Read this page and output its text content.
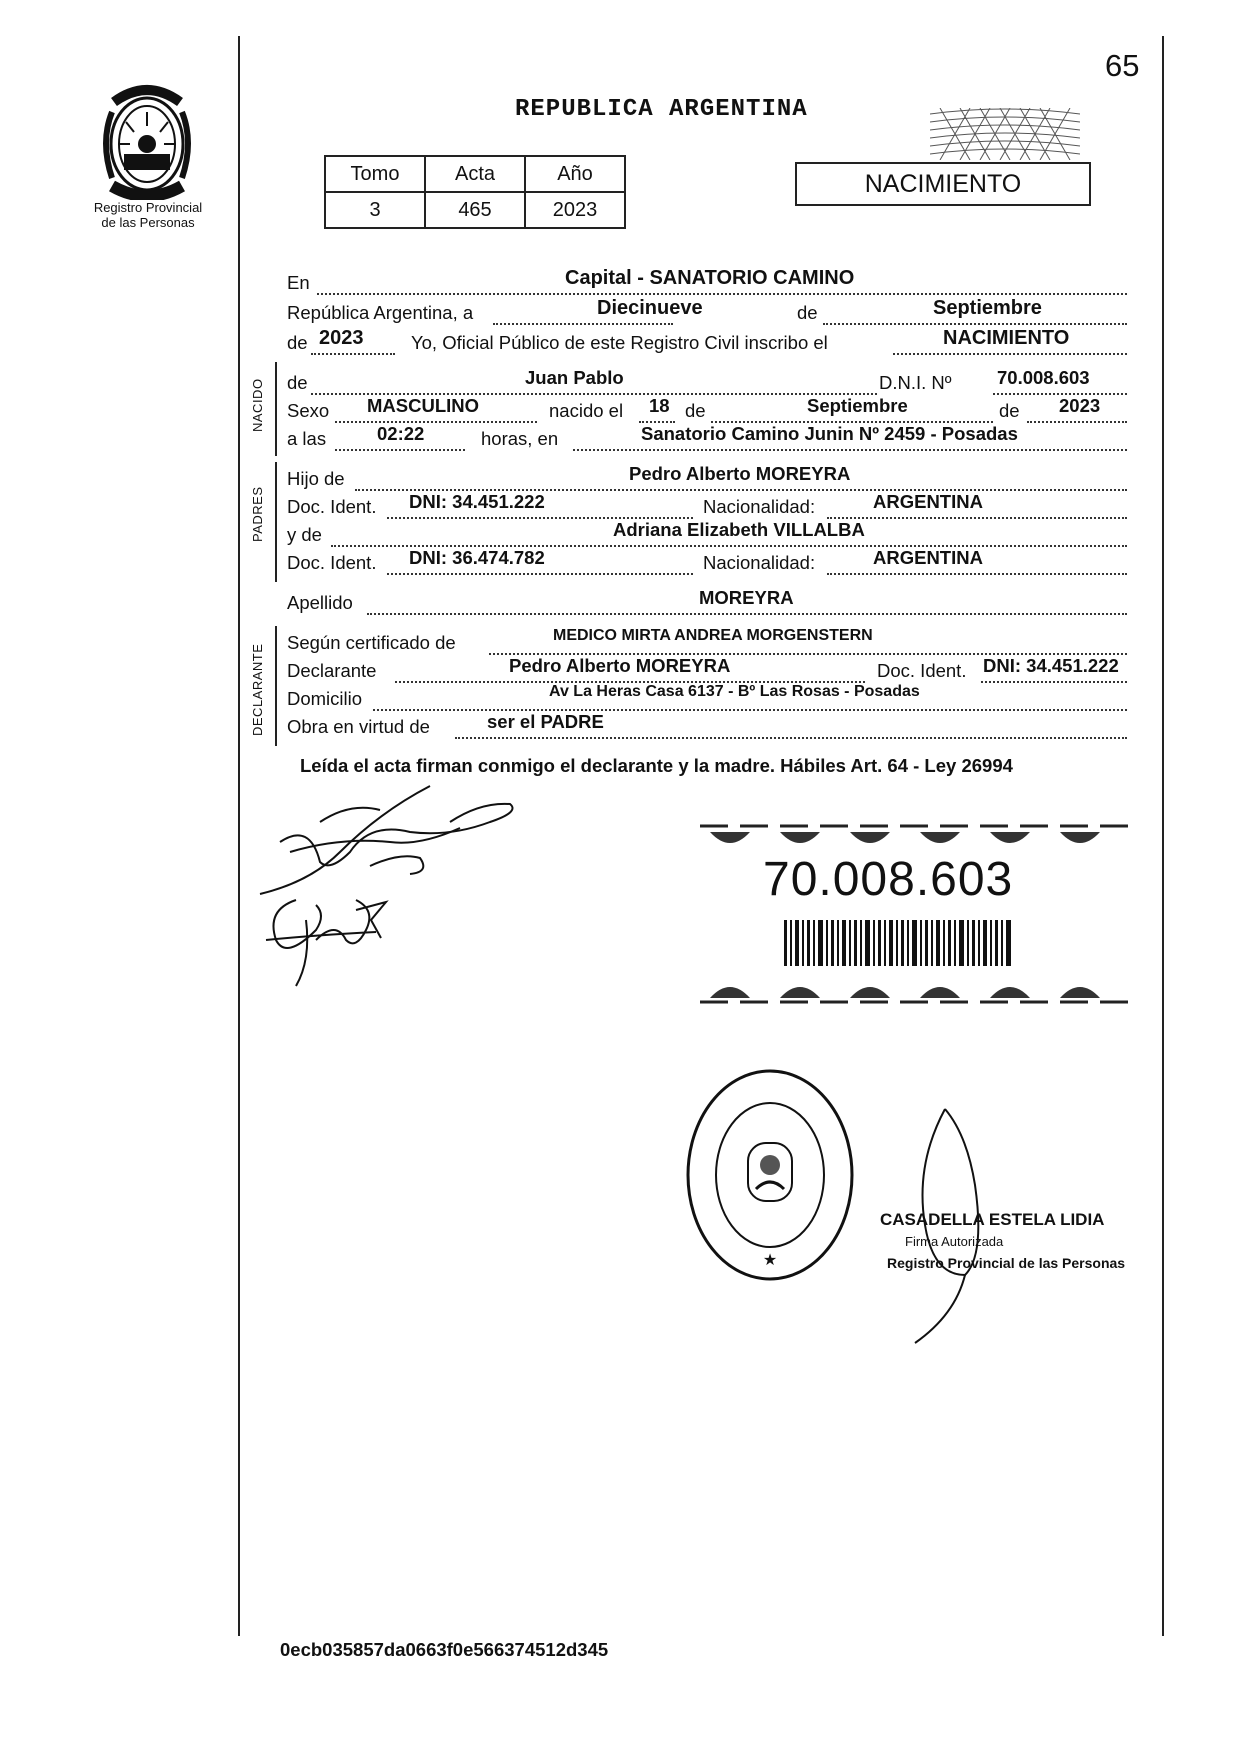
65
Registro Provincial
de las Personas
REPUBLICA ARGENTINA
Tomo	Acta	Año
3	465	2023
NACIMIENTO
En	Capital - SANATORIO CAMINO
República Argentina, a	Diecinueve	de	Septiembre
de 2023	Yo, Oficial Público de este Registro Civil inscribo el	NACIMIENTO
NACIDO de	Juan Pablo	D.N.I. Nº 70.008.603
Sexo MASCULINO	nacido el 18 de	Septiembre	de 2023
a las	02:22	horas, en	Sanatorio Camino Junin Nº 2459 - Posadas
PADRES
Hijo de	Pedro Alberto MOREYRA
Doc. Ident. DNI: 34.451.222	Nacionalidad:	ARGENTINA
y de	Adriana Elizabeth VILLALBA
Doc. Ident. DNI: 36.474.782	Nacionalidad:	ARGENTINA
Apellido	MOREYRA
DECLARANTE
Según certificado de	MEDICO MIRTA ANDREA MORGENSTERN
Declarante	Pedro Alberto MOREYRA	Doc. Ident. DNI: 34.451.222
Domicilio	Av La Heras Casa 6137 - Bº Las Rosas - Posadas
Obra en virtud de	ser el PADRE
Leída el acta firman conmigo el declarante y la madre. Hábiles Art. 64 - Ley 26994
70.008.603
★
CASADELLA ESTELA LIDIA
Firma Autorizada
Registro Provincial de las Personas
0ecb035857da0663f0e566374512d345
